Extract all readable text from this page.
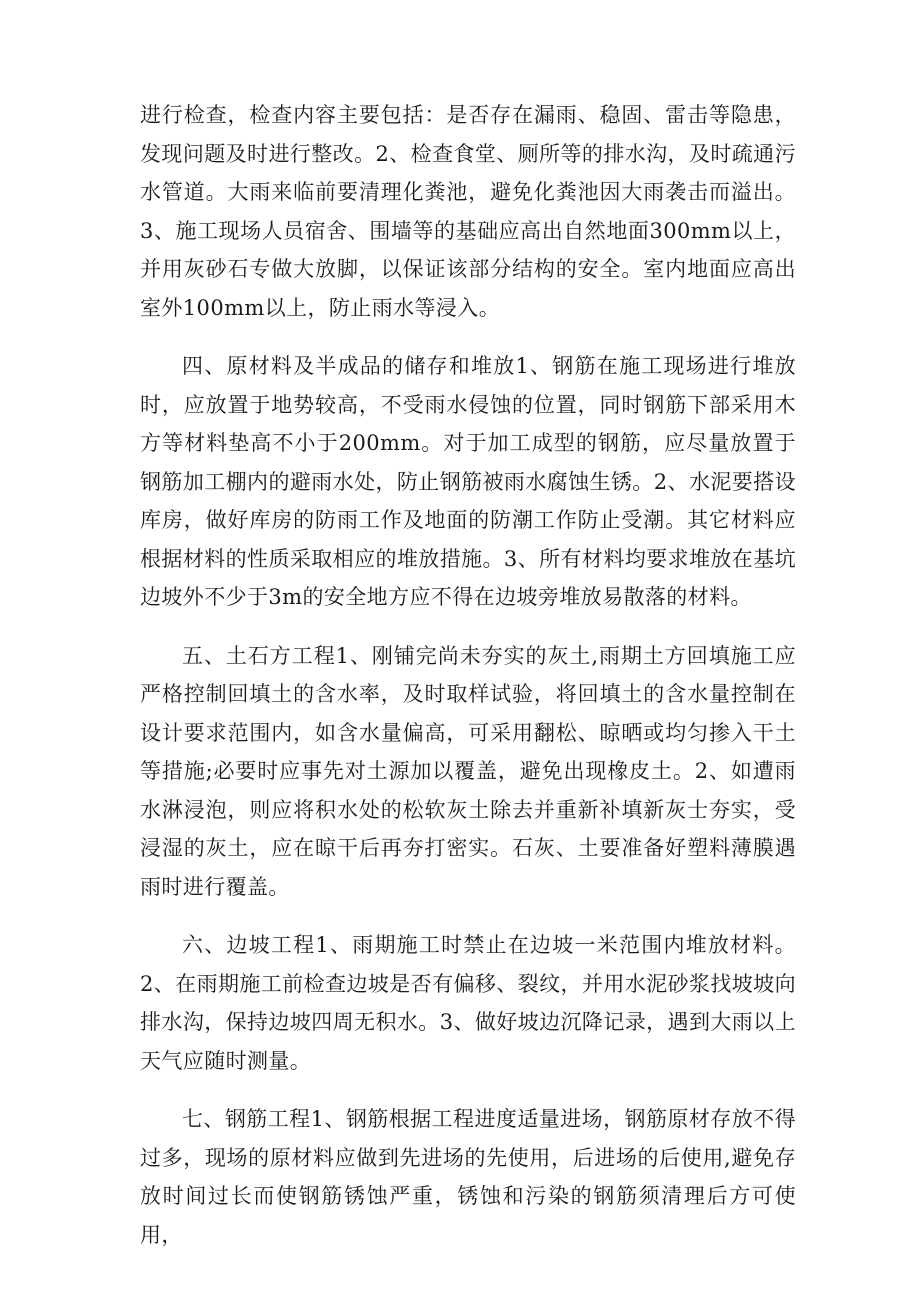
进行检查，检查内容主要包括：是否存在漏雨、稳固、雷击等隐患，发现问题及时进行整改。2、检查食堂、厕所等的排水沟，及时疏通污水管道。大雨来临前要清理化粪池，避免化粪池因大雨袭击而溢出。3、施工现场人员宿舍、围墙等的基础应高出自然地面300mm以上，并用灰砂石专做大放脚，以保证该部分结构的安全。室内地面应高出室外100mm以上，防止雨水等浸入。

四、原材料及半成品的储存和堆放1、钢筋在施工现场进行堆放时，应放置于地势较高，不受雨水侵蚀的位置，同时钢筋下部采用木方等材料垫高不小于200mm。对于加工成型的钢筋，应尽量放置于钢筋加工棚内的避雨水处，防止钢筋被雨水腐蚀生锈。2、水泥要搭设库房，做好库房的防雨工作及地面的防潮工作防止受潮。其它材料应根据材料的性质采取相应的堆放措施。3、所有材料均要求堆放在基坑边坡外不少于3m的安全地方应不得在边坡旁堆放易散落的材料。

五、土石方工程1、刚铺完尚未夯实的灰土,雨期土方回填施工应严格控制回填土的含水率，及时取样试验，将回填土的含水量控制在设计要求范围内，如含水量偏高，可采用翻松、晾晒或均匀掺入干土等措施;必要时应事先对土源加以覆盖，避免出现橡皮土。2、如遭雨水淋浸泡，则应将积水处的松软灰土除去并重新补填新灰士夯实，受浸湿的灰土，应在晾干后再夯打密实。石灰、土要准备好塑料薄膜遇雨时进行覆盖。

六、边坡工程1、雨期施工时禁止在边坡一米范围内堆放材料。2、在雨期施工前检查边坡是否有偏移、裂纹，并用水泥砂浆找坡坡向排水沟，保持边坡四周无积水。3、做好坡边沉降记录，遇到大雨以上天气应随时测量。

七、钢筋工程1、钢筋根据工程进度适量进场，钢筋原材存放不得过多，现场的原材料应做到先进场的先使用，后进场的后使用,避免存放时间过长而使钢筋锈蚀严重，锈蚀和污染的钢筋须清理后方可使用，
